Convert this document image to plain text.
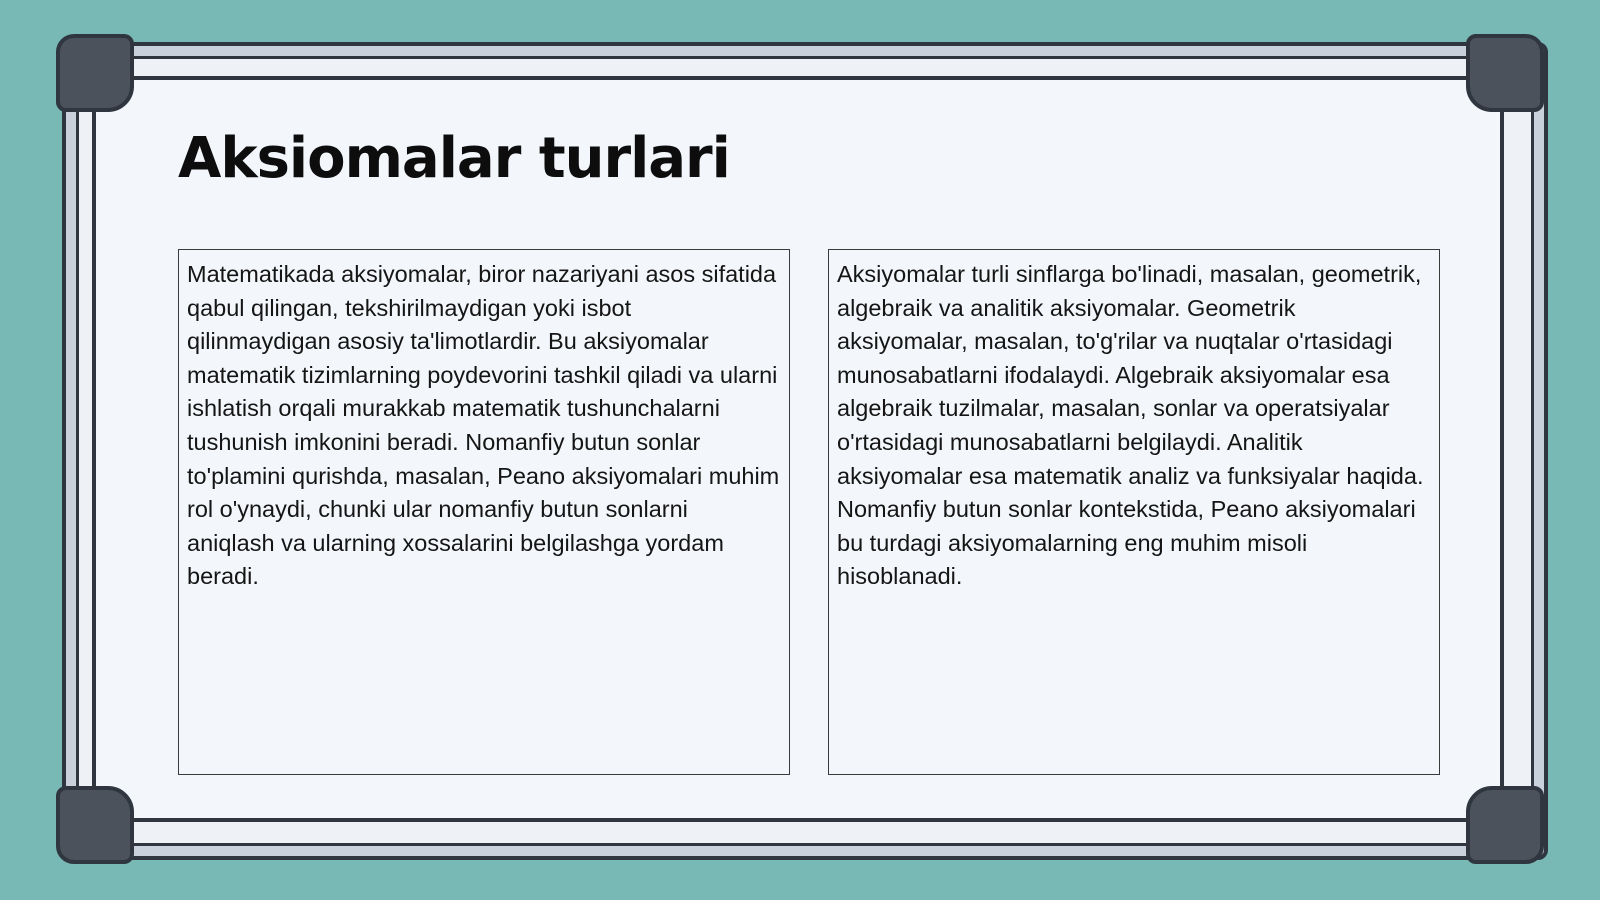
Aksiomalar turlari
Matematikada aksiyomalar, biror nazariyani asos sifatida qabul qilingan, tekshirilmaydigan yoki isbot qilinmaydigan asosiy ta'limotlardir. Bu aksiyomalar matematik tizimlarning poydevorini tashkil qiladi va ularni ishlatish orqali murakkab matematik tushunchalarni tushunish imkonini beradi. Nomanfiy butun sonlar to'plamini qurishda, masalan, Peano aksiyomalari muhim rol o'ynaydi, chunki ular nomanfiy butun sonlarni aniqlash va ularning xossalarini belgilashga yordam beradi.
Aksiyomalar turli sinflarga bo'linadi, masalan, geometrik, algebraik va analitik aksiyomalar. Geometrik aksiyomalar, masalan, to'g'rilar va nuqtalar o'rtasidagi munosabatlarni ifodalaydi. Algebraik aksiyomalar esa algebraik tuzilmalar, masalan, sonlar va operatsiyalar o'rtasidagi munosabatlarni belgilaydi. Analitik aksiyomalar esa matematik analiz va funksiyalar haqida. Nomanfiy butun sonlar kontekstida, Peano aksiyomalari bu turdagi aksiyomalarning eng muhim misoli hisoblanadi.
